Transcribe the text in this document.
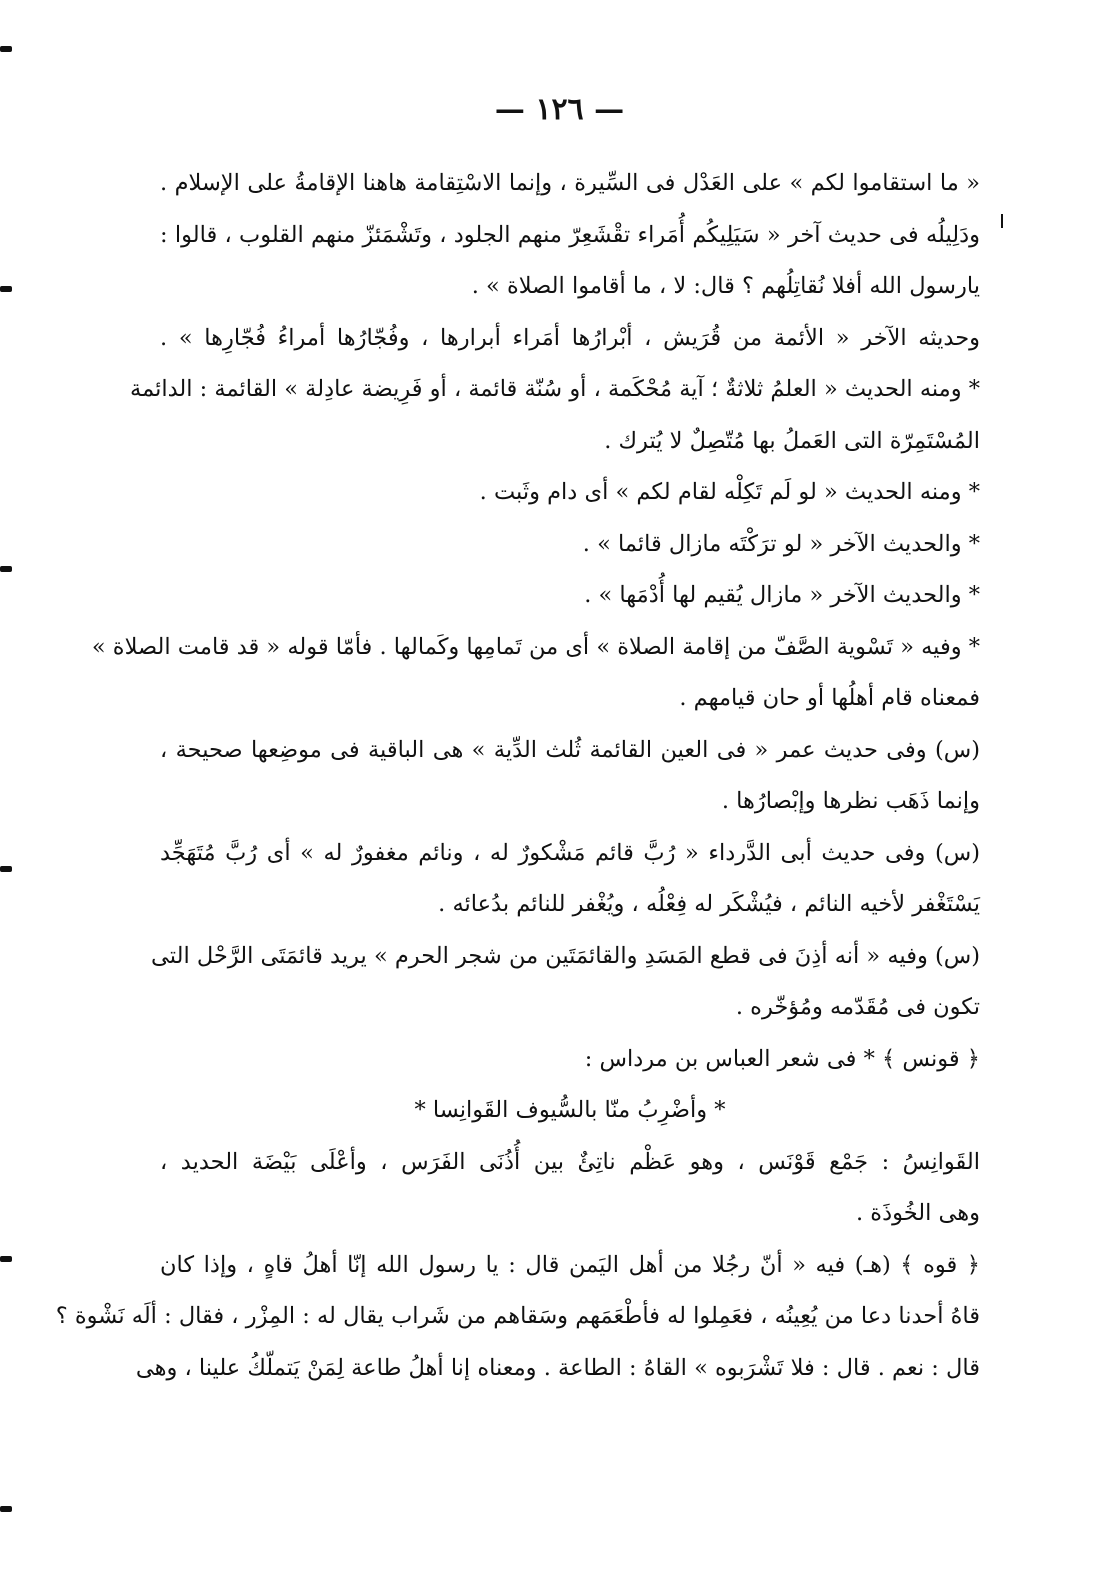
— ١٢٦ —
« ما استقاموا لكم » على العَدْل فى السِّيرة ، وإنما الاسْتِقامة هاهنا الإقامةُ على الإسلام .
ودَلِيلُه فى حديث آخر « سَيَلِيكُم أُمَراء تقْشَعِرّ منهم الجلود ، وتَشْمَئزّ منهم القلوب ، قالوا :
يارسول الله أفلا نُقاتِلُهم ؟ قال: لا ، ما أقاموا الصلاة » .
وحديثه الآخر « الأئمة من قُرَيش ، أبْرارُها أمَراء أبرارها ، وفُجّارُها أمراءُ فُجّارِها » .
* ومنه الحديث « العلمُ ثلاثةٌ ؛ آية مُحْكَمة ، أو سُنّة قائمة ، أو فَرِيضة عادِلة » القائمة : الدائمة
المُسْتَمِرّة التى العَملُ بها مُتّصِلٌ لا يُترك .
* ومنه الحديث « لو لَم تَكِلْه لقام لكم » أى دام وثَبت .
* والحديث الآخر « لو ترَكْتَه مازال قائما » .
* والحديث الآخر « مازال يُقيم لها أُدْمَها » .
* وفيه « تَسْوية الصَّفّ من إقامة الصلاة » أى من تَمامِها وكَمالها . فأمّا قوله « قد قامت الصلاة »
فمعناه قام أهلُها أو حان قيامهم .
(س) وفى حديث عمر « فى العين القائمة ثُلث الدِّية » هى الباقية فى موضِعها صحيحة ،
وإنما ذَهَب نظرها وإبْصارُها .
(س) وفى حديث أبى الدَّرداء « رُبَّ قائم مَشْكورٌ له ، ونائم مغفورٌ له » أى رُبَّ مُتَهَجِّد
يَسْتَغْفر لأخيه النائم ، فيُشْكَر له فِعْلُه ، ويُغْفر للنائم بدُعائه .
(س) وفيه « أنه أذِنَ فى قطع المَسَدِ والقائمَتَين من شجر الحرم » يريد قائمَتَى الرَّحْل التى
تكون فى مُقَدّمه ومُؤخّره .
﴿ قونس ﴾ * فى شعر العباس بن مرداس :
* وأضْرِبُ منّا بالسُّيوف القَوانِسا *
القَوانِسُ : جَمْع قَوْنَس ، وهو عَظْم ناتِئٌ بين أُذُنَى الفَرَس ، وأعْلَى بَيْضَة الحديد ،
وهى الخُوذَة .
﴿ قوه ﴾ (هـ) فيه « أنّ رجُلا من أهل اليَمن قال : يا رسول الله إنّا أهلُ قاهٍ ، وإذا كان
قاهُ أحدنا دعا من يُعِينُه ، فعَمِلوا له فأطْعَمَهم وسَقاهم من شَراب يقال له : المِزْر ، فقال : ألَه نَشْوة ؟
قال : نعم . قال : فلا تَشْرَبوه » القاهُ : الطاعة . ومعناه إنا أهلُ طاعة لِمَنْ يَتملّكُ علينا ، وهى
